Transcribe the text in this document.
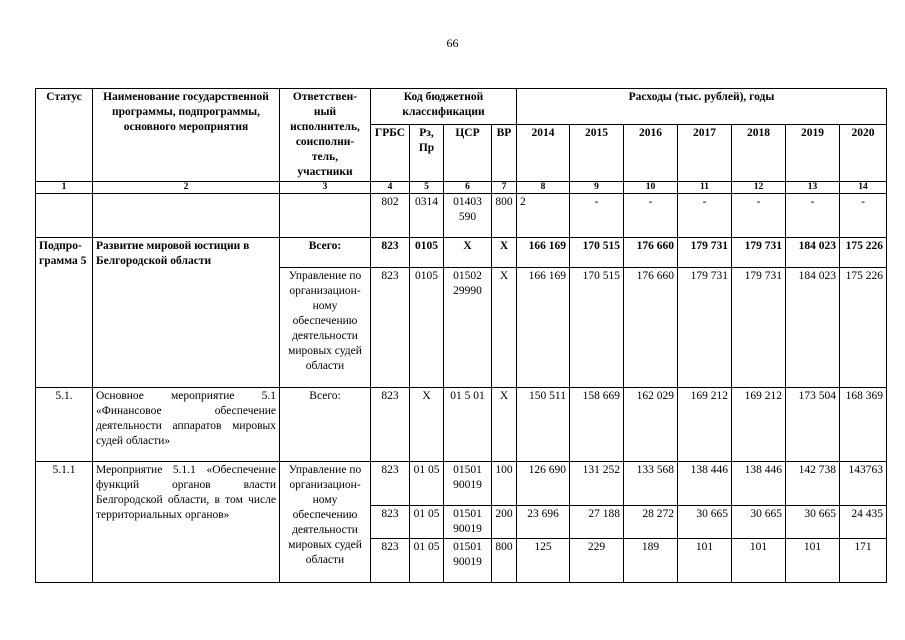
66
Статус	Наименование государственной программы, подпрограммы, основного мероприятия	Ответствен-ный исполнитель, соисполни-тель, участники	Код бюджетной классификации				Расходы (тыс. рублей), годы						
			ГРБС	Рз, Пр	ЦСР	ВР	2014	2015	2016	2017	2018	2019	2020
1	2	3	4	5	6	7	8	9	10	11	12	13	14
			802	0314	01403 590	800	2	-	-	-	-	-	-
Подпро-грамма 5	Развитие мировой юстиции в Белгородской области	Всего:	823	0105	Х	Х	166 169	170 515	176 660	179 731	179 731	184 023	175 226
		Управление по организацион-ному обеспечению деятельности мировых судей области	823	0105	01502 29990	Х	166 169	170 515	176 660	179 731	179 731	184 023	175 226
5.1.	Основное мероприятие 5.1 «Финансовое обеспечение деятельности аппаратов мировых судей области»	Всего:	823	Х	01 5 01	Х	150 511	158 669	162 029	169 212	169 212	173 504	168 369
5.1.1	Мероприятие 5.1.1 «Обеспечение функций органов власти Белгородской области, в том числе территориальных органов»	Управление по организацион-ному обеспечению деятельности мировых судей области	823	01 05	01501 90019	100	126 690	131 252	133 568	138 446	138 446	142 738	143763
			823	01 05	01501 90019	200	23 696	27 188	28 272	30 665	30 665	30 665	24 435
			823	01 05	01501 90019	800	125	229	189	101	101	101	171
